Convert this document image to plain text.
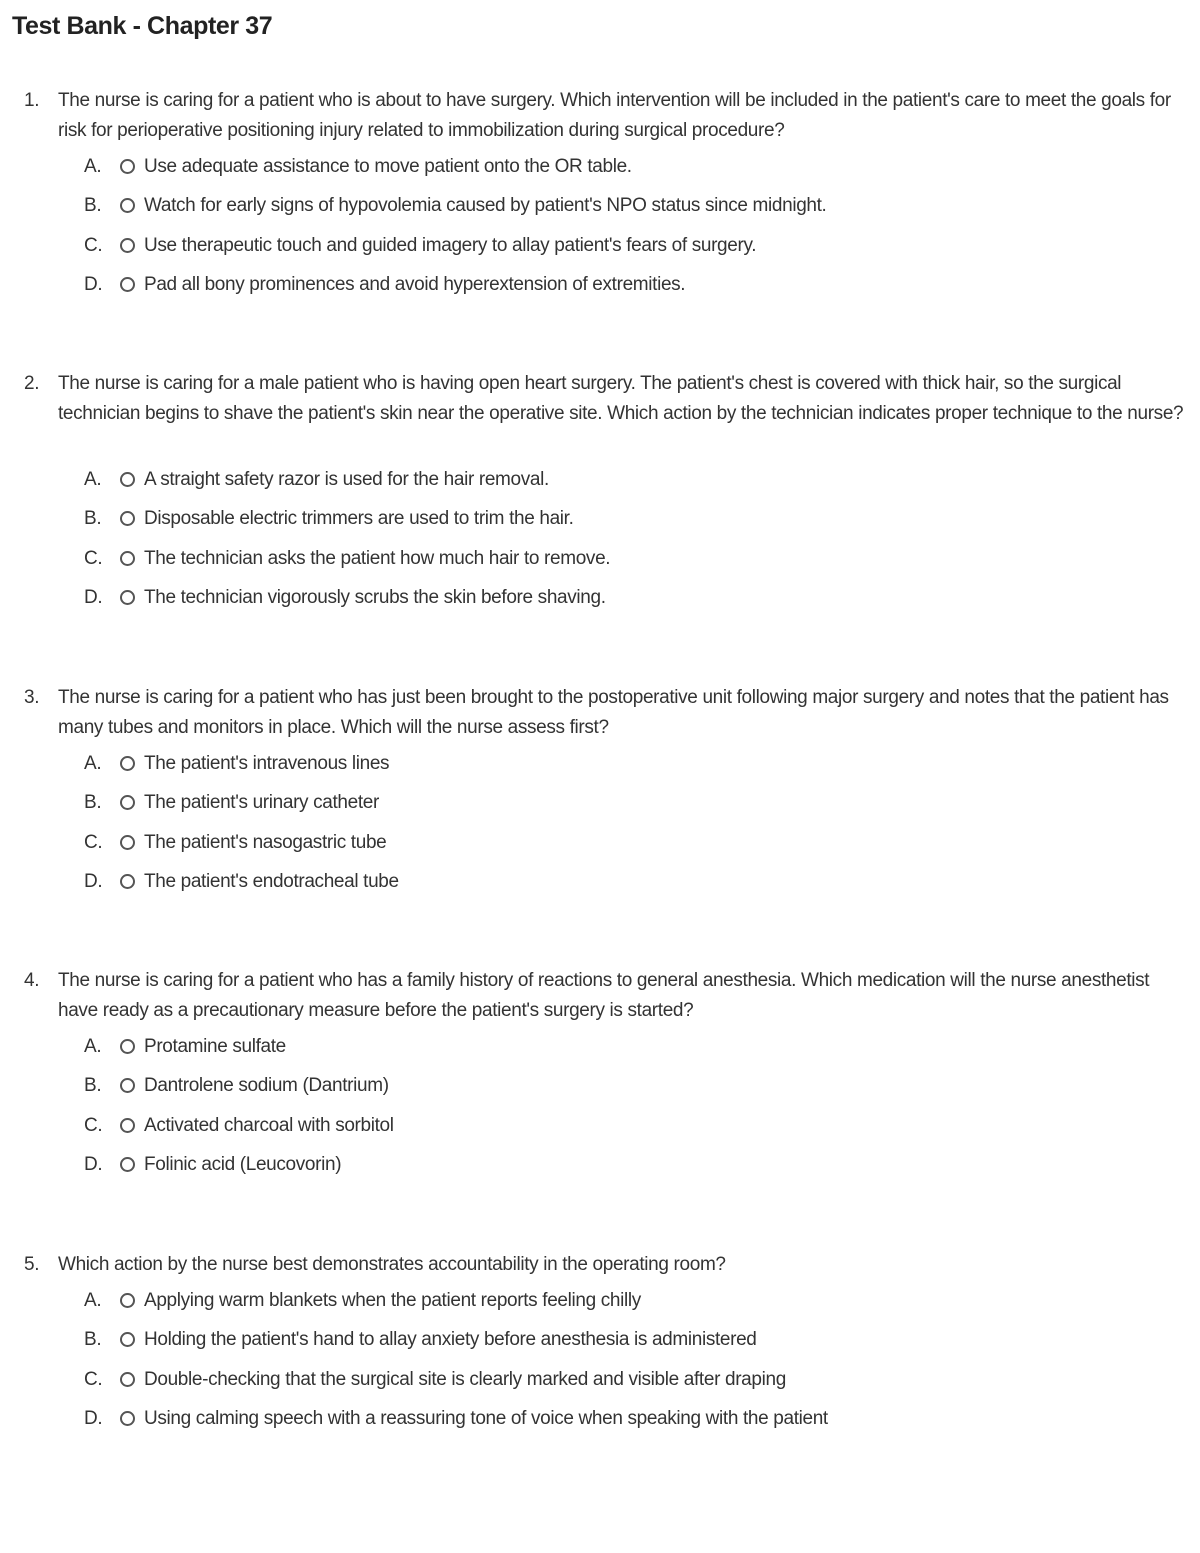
Test Bank - Chapter 37
1. The nurse is caring for a patient who is about to have surgery. Which intervention will be included in the patient's care to meet the goals for risk for perioperative positioning injury related to immobilization during surgical procedure?

A. Use adequate assistance to move patient onto the OR table.
B. Watch for early signs of hypovolemia caused by patient's NPO status since midnight.
C. Use therapeutic touch and guided imagery to allay patient's fears of surgery.
D. Pad all bony prominences and avoid hyperextension of extremities.
2. The nurse is caring for a male patient who is having open heart surgery. The patient's chest is covered with thick hair, so the surgical technician begins to shave the patient's skin near the operative site. Which action by the technician indicates proper technique to the nurse?

A. A straight safety razor is used for the hair removal.
B. Disposable electric trimmers are used to trim the hair.
C. The technician asks the patient how much hair to remove.
D. The technician vigorously scrubs the skin before shaving.
3. The nurse is caring for a patient who has just been brought to the postoperative unit following major surgery and notes that the patient has many tubes and monitors in place. Which will the nurse assess first?

A. The patient's intravenous lines
B. The patient's urinary catheter
C. The patient's nasogastric tube
D. The patient's endotracheal tube
4. The nurse is caring for a patient who has a family history of reactions to general anesthesia. Which medication will the nurse anesthetist have ready as a precautionary measure before the patient's surgery is started?

A. Protamine sulfate
B. Dantrolene sodium (Dantrium)
C. Activated charcoal with sorbitol
D. Folinic acid (Leucovorin)
5. Which action by the nurse best demonstrates accountability in the operating room?

A. Applying warm blankets when the patient reports feeling chilly
B. Holding the patient's hand to allay anxiety before anesthesia is administered
C. Double-checking that the surgical site is clearly marked and visible after draping
D. Using calming speech with a reassuring tone of voice when speaking with the patient
